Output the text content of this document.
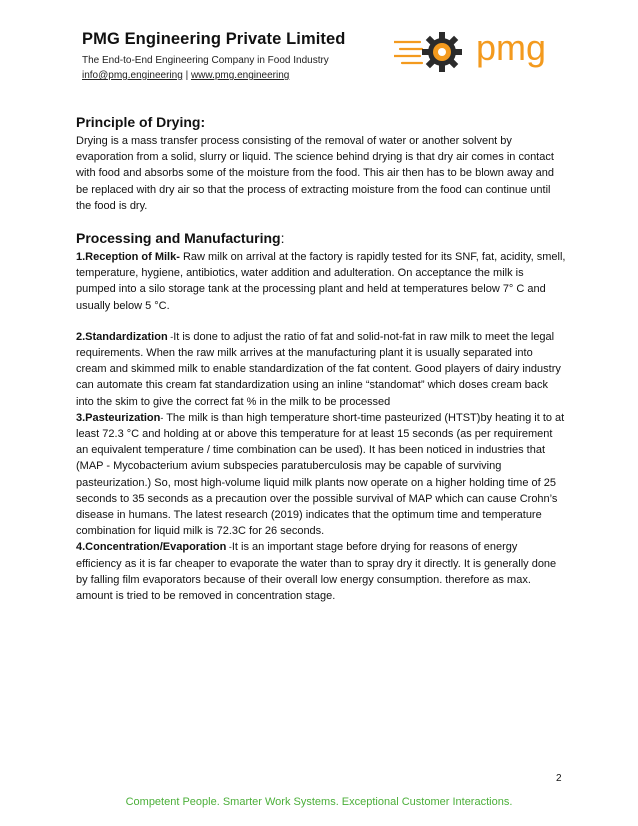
PMG Engineering Private Limited
The End-to-End Engineering Company in Food Industry
info@pmg.engineering | www.pmg.engineering
pmg
Principle of Drying:

Drying is a mass transfer process consisting of the removal of water or another solvent by evaporation from a solid, slurry or liquid. The science behind drying is that dry air comes in contact with food and absorbs some of the moisture from the food. This air then has to be blown away and be replaced with dry air so that the process of extracting moisture from the food can continue until the food is dry.

Processing and Manufacturing:

1.Reception of Milk- Raw milk on arrival at the factory is rapidly tested for its SNF, fat, acidity, smell, temperature, hygiene, antibiotics, water addition and adulteration. On acceptance the milk is pumped into a silo storage tank at the processing plant and held at temperatures below 7° C and usually below 5 °C.

2.Standardization -It is done to adjust the ratio of fat and solid-not-fat in raw milk to meet the legal requirements. When the raw milk arrives at the manufacturing plant it is usually separated into cream and skimmed milk to enable standardization of the fat content. Good players of dairy industry can automate this cream fat standardization using an inline “standomat” which doses cream back into the skim to give the correct fat % in the milk to be processed

3.Pasteurization- The milk is than high temperature short-time pasteurized (HTST)by heating it to at least 72.3 °C and holding at or above this temperature for at least 15 seconds (as per requirement an equivalent temperature / time combination can be used). It has been noticed in industries that (MAP - Mycobacterium avium subspecies paratuberculosis may be capable of surviving pasteurization.) So, most high-volume liquid milk plants now operate on a higher holding time of 25 seconds to 35 seconds as a precaution over the possible survival of MAP which can cause Crohn’s disease in humans. The latest research (2019) indicates that the optimum time and temperature combination for liquid milk is 72.3C for 26 seconds.

4.Concentration/Evaporation -It is an important stage before drying for reasons of energy efficiency as it is far cheaper to evaporate the water than to spray dry it directly. It is generally done by falling film evaporators because of their overall low energy consumption. therefore as max. amount is tried to be removed in concentration stage.

2
Competent People. Smarter Work Systems. Exceptional Customer Interactions.
